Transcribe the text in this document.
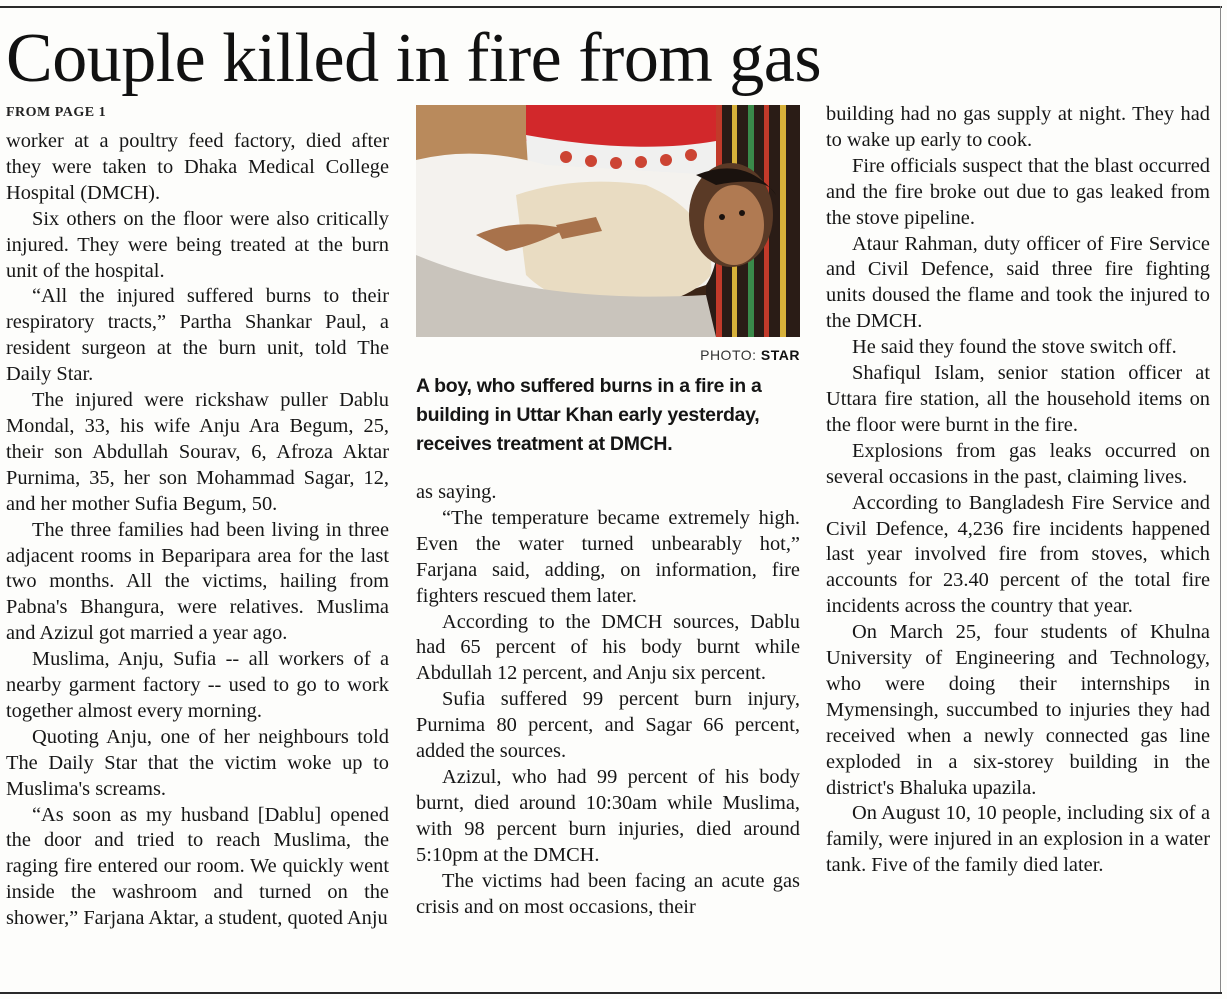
Couple killed in fire from gas
FROM PAGE 1

worker at a poultry feed factory, died after they were taken to Dhaka Medical College Hospital (DMCH).

Six others on the floor were also critically injured. They were being treated at the burn unit of the hospital.

“All the injured suffered burns to their respiratory tracts,” Partha Shankar Paul, a resident surgeon at the burn unit, told The Daily Star.

The injured were rickshaw puller Dablu Mondal, 33, his wife Anju Ara Begum, 25, their son Abdullah Sourav, 6, Afroza Aktar Purnima, 35, her son Mohammad Sagar, 12, and her mother Sufia Begum, 50.

The three families had been living in three adjacent rooms in Beparipara area for the last two months. All the victims, hailing from Pabna's Bhangura, were relatives. Muslima and Azizul got married a year ago.

Muslima, Anju, Sufia -- all workers of a nearby garment factory -- used to go to work together almost every morning.

Quoting Anju, one of her neighbours told The Daily Star that the victim woke up to Muslima's screams.

“As soon as my husband [Dablu] opened the door and tried to reach Muslima, the raging fire entered our room. We quickly went inside the washroom and turned on the shower,” Farjana Aktar, a student, quoted Anju

PHOTO: STAR

A boy, who suffered burns in a fire in a building in Uttar Khan early yesterday, receives treatment at DMCH.

as saying.

“The temperature became extremely high. Even the water turned unbearably hot,” Farjana said, adding, on information, fire fighters rescued them later.

According to the DMCH sources, Dablu had 65 percent of his body burnt while Abdullah 12 percent, and Anju six percent.

Sufia suffered 99 percent burn injury, Purnima 80 percent, and Sagar 66 percent, added the sources.

Azizul, who had 99 percent of his body burnt, died around 10:30am while Muslima, with 98 percent burn injuries, died around 5:10pm at the DMCH.

The victims had been facing an acute gas crisis and on most occasions, their

building had no gas supply at night. They had to wake up early to cook.

Fire officials suspect that the blast occurred and the fire broke out due to gas leaked from the stove pipeline.

Ataur Rahman, duty officer of Fire Service and Civil Defence, said three fire fighting units doused the flame and took the injured to the DMCH.

He said they found the stove switch off.

Shafiqul Islam, senior station officer at Uttara fire station, all the household items on the floor were burnt in the fire.

Explosions from gas leaks occurred on several occasions in the past, claiming lives.

According to Bangladesh Fire Service and Civil Defence, 4,236 fire incidents happened last year involved fire from stoves, which accounts for 23.40 percent of the total fire incidents across the country that year.

On March 25, four students of Khulna University of Engineering and Technology, who were doing their internships in Mymensingh, succumbed to injuries they had received when a newly connected gas line exploded in a six-storey building in the district's Bhaluka upazila.

On August 10, 10 people, including six of a family, were injured in an explosion in a water tank. Five of the family died later.
